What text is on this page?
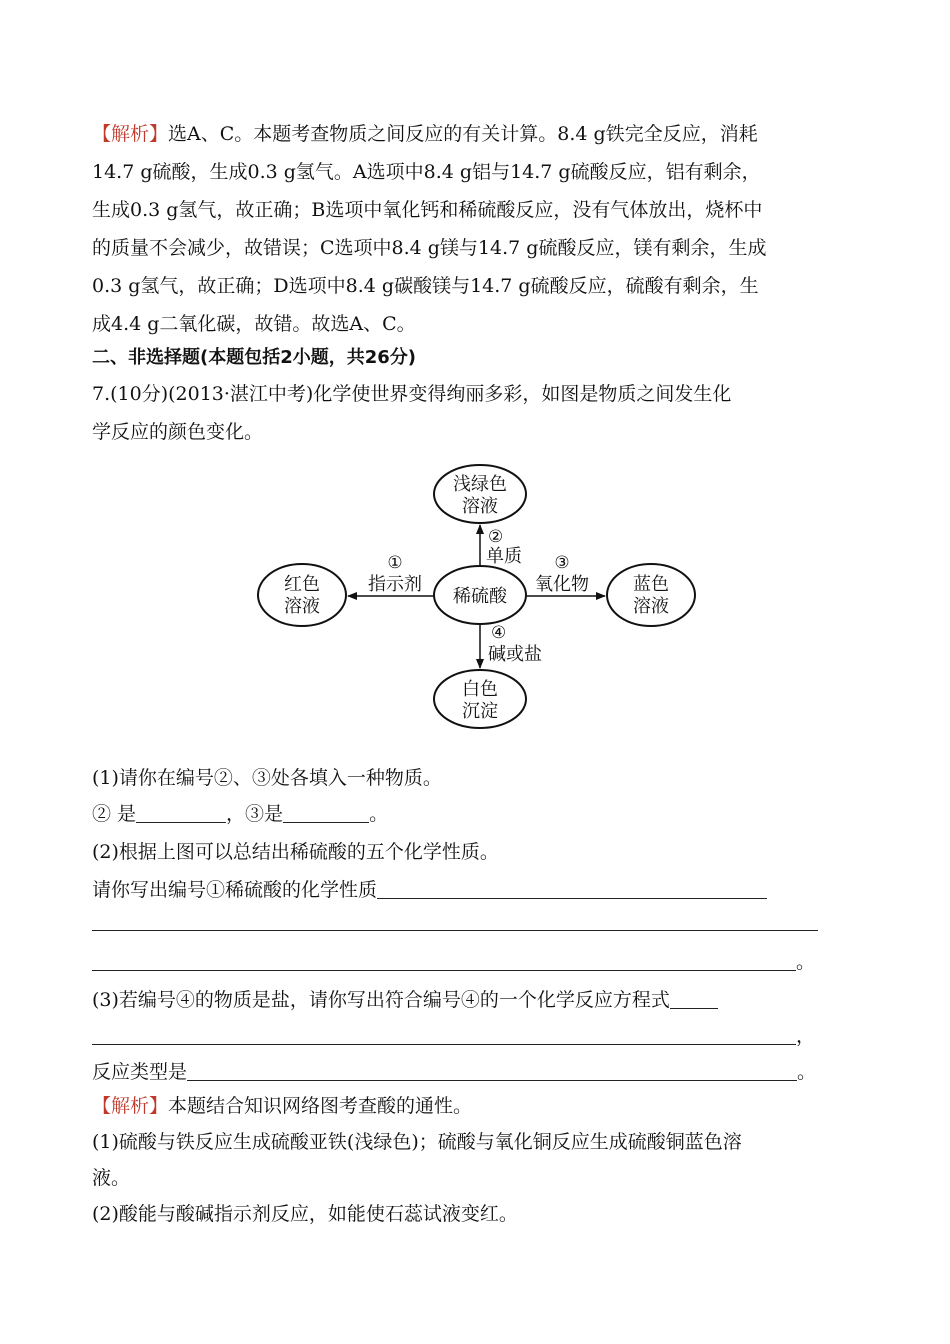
【解析】选A、C。本题考查物质之间反应的有关计算。8.4 g铁完全反应，消耗
14.7 g硫酸，生成0.3 g氢气。A选项中8.4 g铝与14.7 g硫酸反应，铝有剩余，
生成0.3 g氢气，故正确；B选项中氧化钙和稀硫酸反应，没有气体放出，烧杯中
的质量不会减少，故错误；C选项中8.4 g镁与14.7 g硫酸反应，镁有剩余，生成
0.3 g氢气，故正确；D选项中8.4 g碳酸镁与14.7 g硫酸反应，硫酸有剩余，生
成4.4 g二氧化碳，故错。故选A、C。
二、非选择题(本题包括2小题，共26分)
7.(10分)(2013·湛江中考)化学使世界变得绚丽多彩，如图是物质之间发生化
学反应的颜色变化。
浅绿色
溶液
红色
溶液	稀硫酸
蓝色
溶液
白色
沉淀
①
指示剂
②
单质 ③
氧化物
④
碱或盐
(1)请你在编号②、③处各填入一种物质。
② 是	，③是	。
(2)根据上图可以总结出稀硫酸的五个化学性质。
请你写出编号①稀硫酸的化学性质
。
(3)若编号④的物质是盐，请你写出符合编号④的一个化学反应方程式
，
反应类型是	。
【解析】本题结合知识网络图考查酸的通性。
(1)硫酸与铁反应生成硫酸亚铁(浅绿色)；硫酸与氧化铜反应生成硫酸铜蓝色溶
液。
(2)酸能与酸碱指示剂反应，如能使石蕊试液变红。
